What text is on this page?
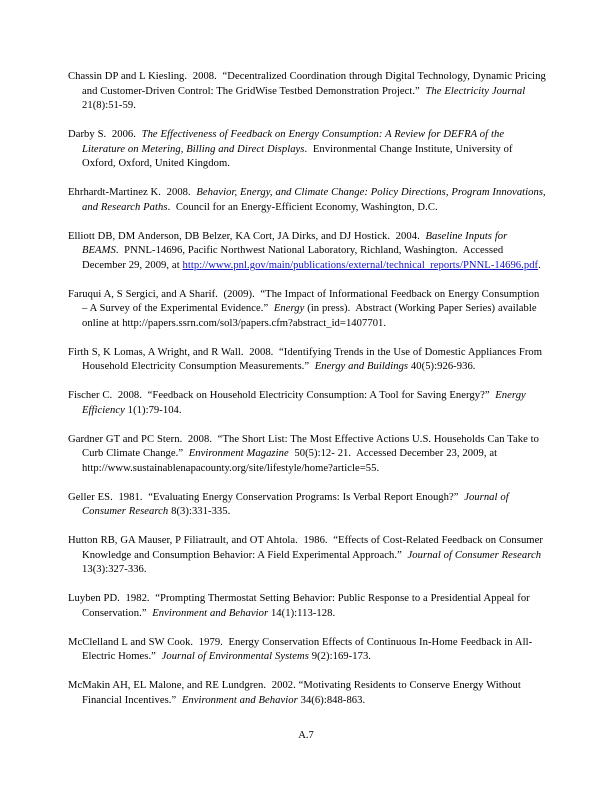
Chassin DP and L Kiesling.  2008.  “Decentralized Coordination through Digital Technology, Dynamic Pricing and Customer-Driven Control: The GridWise Testbed Demonstration Project.”  The Electricity Journal 21(8):51-59.

Darby S.  2006.  The Effectiveness of Feedback on Energy Consumption: A Review for DEFRA of the Literature on Metering, Billing and Direct Displays.  Environmental Change Institute, University of Oxford, Oxford, United Kingdom.

Ehrhardt-Martinez K.  2008.  Behavior, Energy, and Climate Change: Policy Directions, Program Innovations, and Research Paths.  Council for an Energy-Efficient Economy, Washington, D.C.

Elliott DB, DM Anderson, DB Belzer, KA Cort, JA Dirks, and DJ Hostick.  2004.  Baseline Inputs for BEAMS.  PNNL-14696, Pacific Northwest National Laboratory, Richland, Washington.  Accessed December 29, 2009, at http://www.pnl.gov/main/publications/external/technical_reports/PNNL-14696.pdf.

Faruqui A, S Sergici, and A Sharif.  (2009).  “The Impact of Informational Feedback on Energy Consumption – A Survey of the Experimental Evidence.”  Energy (in press).  Abstract (Working Paper Series) available online at http://papers.ssrn.com/sol3/papers.cfm?abstract_id=1407701.

Firth S, K Lomas, A Wright, and R Wall.  2008.  “Identifying Trends in the Use of Domestic Appliances From Household Electricity Consumption Measurements.”  Energy and Buildings 40(5):926-936.

Fischer C.  2008.  “Feedback on Household Electricity Consumption: A Tool for Saving Energy?”  Energy Efficiency 1(1):79-104.

Gardner GT and PC Stern.  2008.  “The Short List: The Most Effective Actions U.S. Households Can Take to Curb Climate Change.”  Environment Magazine  50(5):12- 21.  Accessed December 23, 2009, at http://www.sustainablenapacounty.org/site/lifestyle/home?article=55.

Geller ES.  1981.  “Evaluating Energy Conservation Programs: Is Verbal Report Enough?”  Journal of Consumer Research 8(3):331-335.

Hutton RB, GA Mauser, P Filiatrault, and OT Ahtola.  1986.  “Effects of Cost-Related Feedback on Consumer Knowledge and Consumption Behavior: A Field Experimental Approach.”  Journal of Consumer Research 13(3):327-336.

Luyben PD.  1982.  “Prompting Thermostat Setting Behavior: Public Response to a Presidential Appeal for Conservation.”  Environment and Behavior 14(1):113-128.

McClelland L and SW Cook.  1979.  Energy Conservation Effects of Continuous In-Home Feedback in All-Electric Homes.”  Journal of Environmental Systems 9(2):169-173.

McMakin AH, EL Malone, and RE Lundgren.  2002. “Motivating Residents to Conserve Energy Without Financial Incentives.”  Environment and Behavior 34(6):848-863.

A.7
